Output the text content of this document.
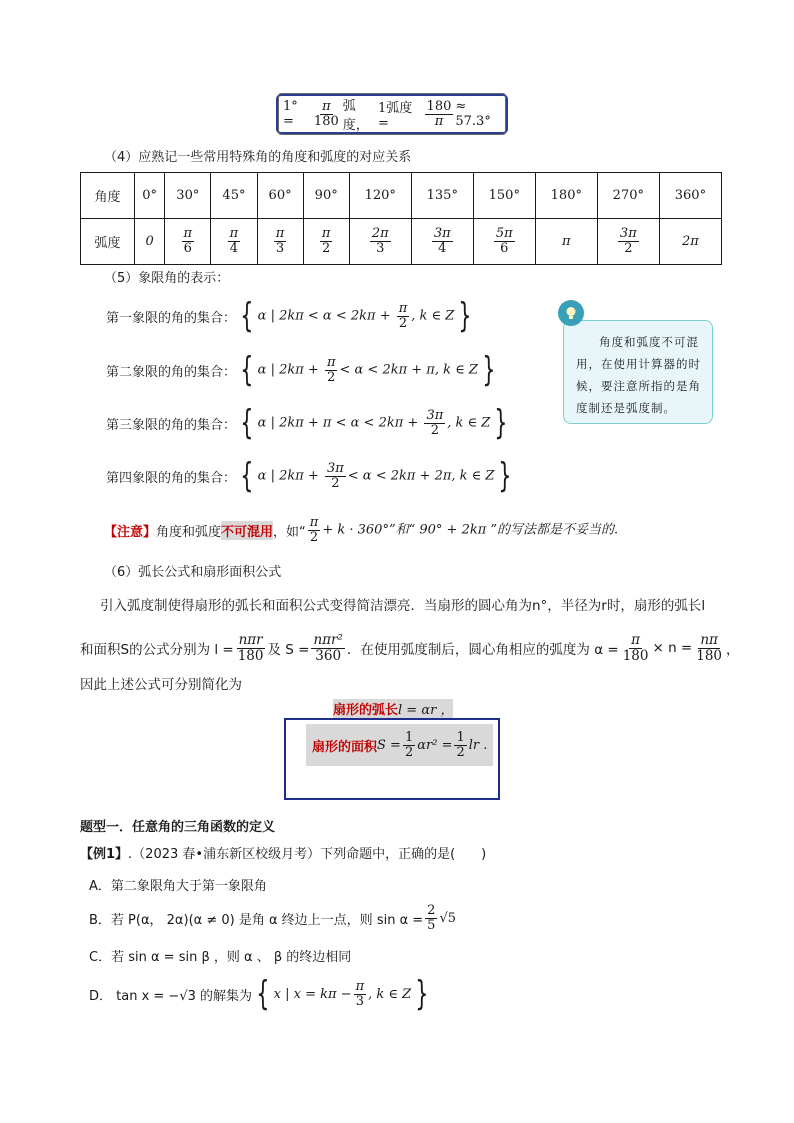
1° =	$\frac{\pi}{180}$ 弧度，
1弧度 =	$\frac{180}{\pi} \approx 57.3^\circ$
（4）应熟记一些常用特殊角的角度和弧度的对应关系
角度	0°	30°	45°	60°	90°	120°	135°	150°	180°	270°	360°
弧度	0	$\frac{\pi}{6}$	$\frac{\pi}{4}$	$\frac{\pi}{3}$	$\frac{\pi}{2}$	$\frac{2\pi}{3}$	$\frac{3\pi}{4}$	$\frac{5\pi}{6}$	π	$\frac{3\pi}{2}$	2π
（5）象限角的表示：
第一象限的角的集合： { α | $2k\pi < \alpha < 2k\pi + \frac{\pi}{2}$ , k ∈ Z }
第二象限的角的集合： { α | $2k\pi + \frac{\pi}{2} < \alpha < 2k\pi + \pi$, k ∈ Z }
第三象限的角的集合： { α | $2k\pi + \pi < \alpha < 2k\pi + \frac{3\pi}{2}$ , k ∈ Z }
第四象限的角的集合： { α | $2k\pi + \frac{3\pi}{2} < \alpha < 2k\pi + 2\pi$, k ∈ Z }
角度和弧度不可混用，在使用计算器的时候，要注意所指的是角度制还是弧度制。
【注意】 角度和弧度 不可混用 ，如“ $\frac{\pi}{2} + k \cdot 360^\circ$”和“ 90° + 2kπ ”的写法都是不妥当的.
（6）弧长公式和扇形面积公式
引入弧度制使得扇形的弧长和面积公式变得简洁漂亮．当扇形的圆心角为n°，半径为r时，扇形的弧长l
和面积S的公式分别为 $l = \frac{\text{nπr}}{180}$ 及 $S = \frac{\text{nπr²}}{360}$ ．在使用弧度制后，圆心角相应的弧度为 $\alpha = \frac{\pi}{180} \times n = \frac{n\pi}{180}$ ，
因此上述公式可分别简化为
扇形的弧长 l = αr ，
扇形的面积 $S = \frac{1}{2} \alpha r^2 = \frac{1}{2}$ lr .
题型一．任意角的三角函数的定义
【例1】.（2023 春•浦东新区校级月考）下列命题中，正确的是(　　)
A．第二象限角大于第一象限角
B．若 P(α， 2α)(α ≠ 0) 是角 α 终边上一点，则 $\sin \alpha = \frac{2}{5} √5$
C．若 sin α = sin β ，则 α 、 β 的终边相同
D． tan x = −√3 的解集为 { x | $x = k\pi - \frac{\pi}{3}$ , k ∈ Z }
